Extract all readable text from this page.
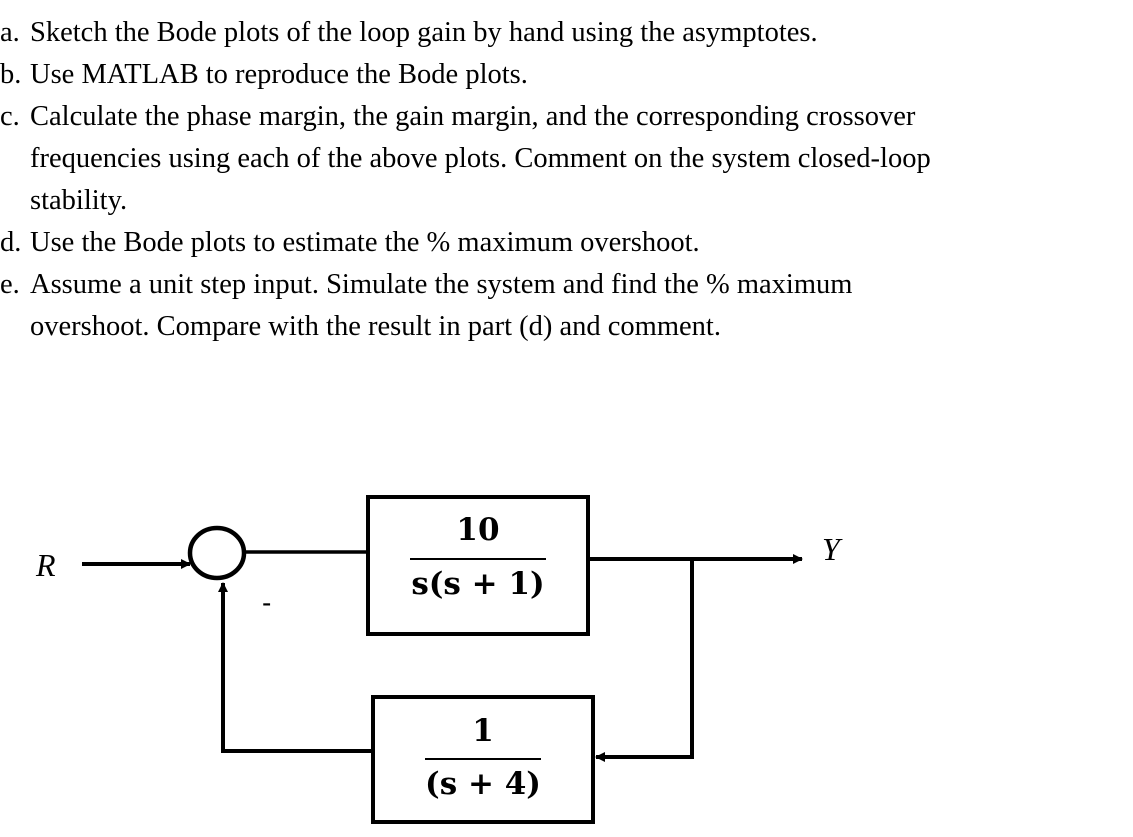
a. Sketch the Bode plots of the loop gain by hand using the asymptotes.
b. Use MATLAB to reproduce the Bode plots.
c. Calculate the phase margin, the gain margin, and the corresponding crossover
frequencies using each of the above plots. Comment on the system closed-loop
stability.
d. Use the Bode plots to estimate the % maximum overshoot.
e. Assume a unit step input. Simulate the system and find the % maximum
overshoot. Compare with the result in part (d) and comment.
R
10
s(s + 1)
Y
1
(s + 4)
-
